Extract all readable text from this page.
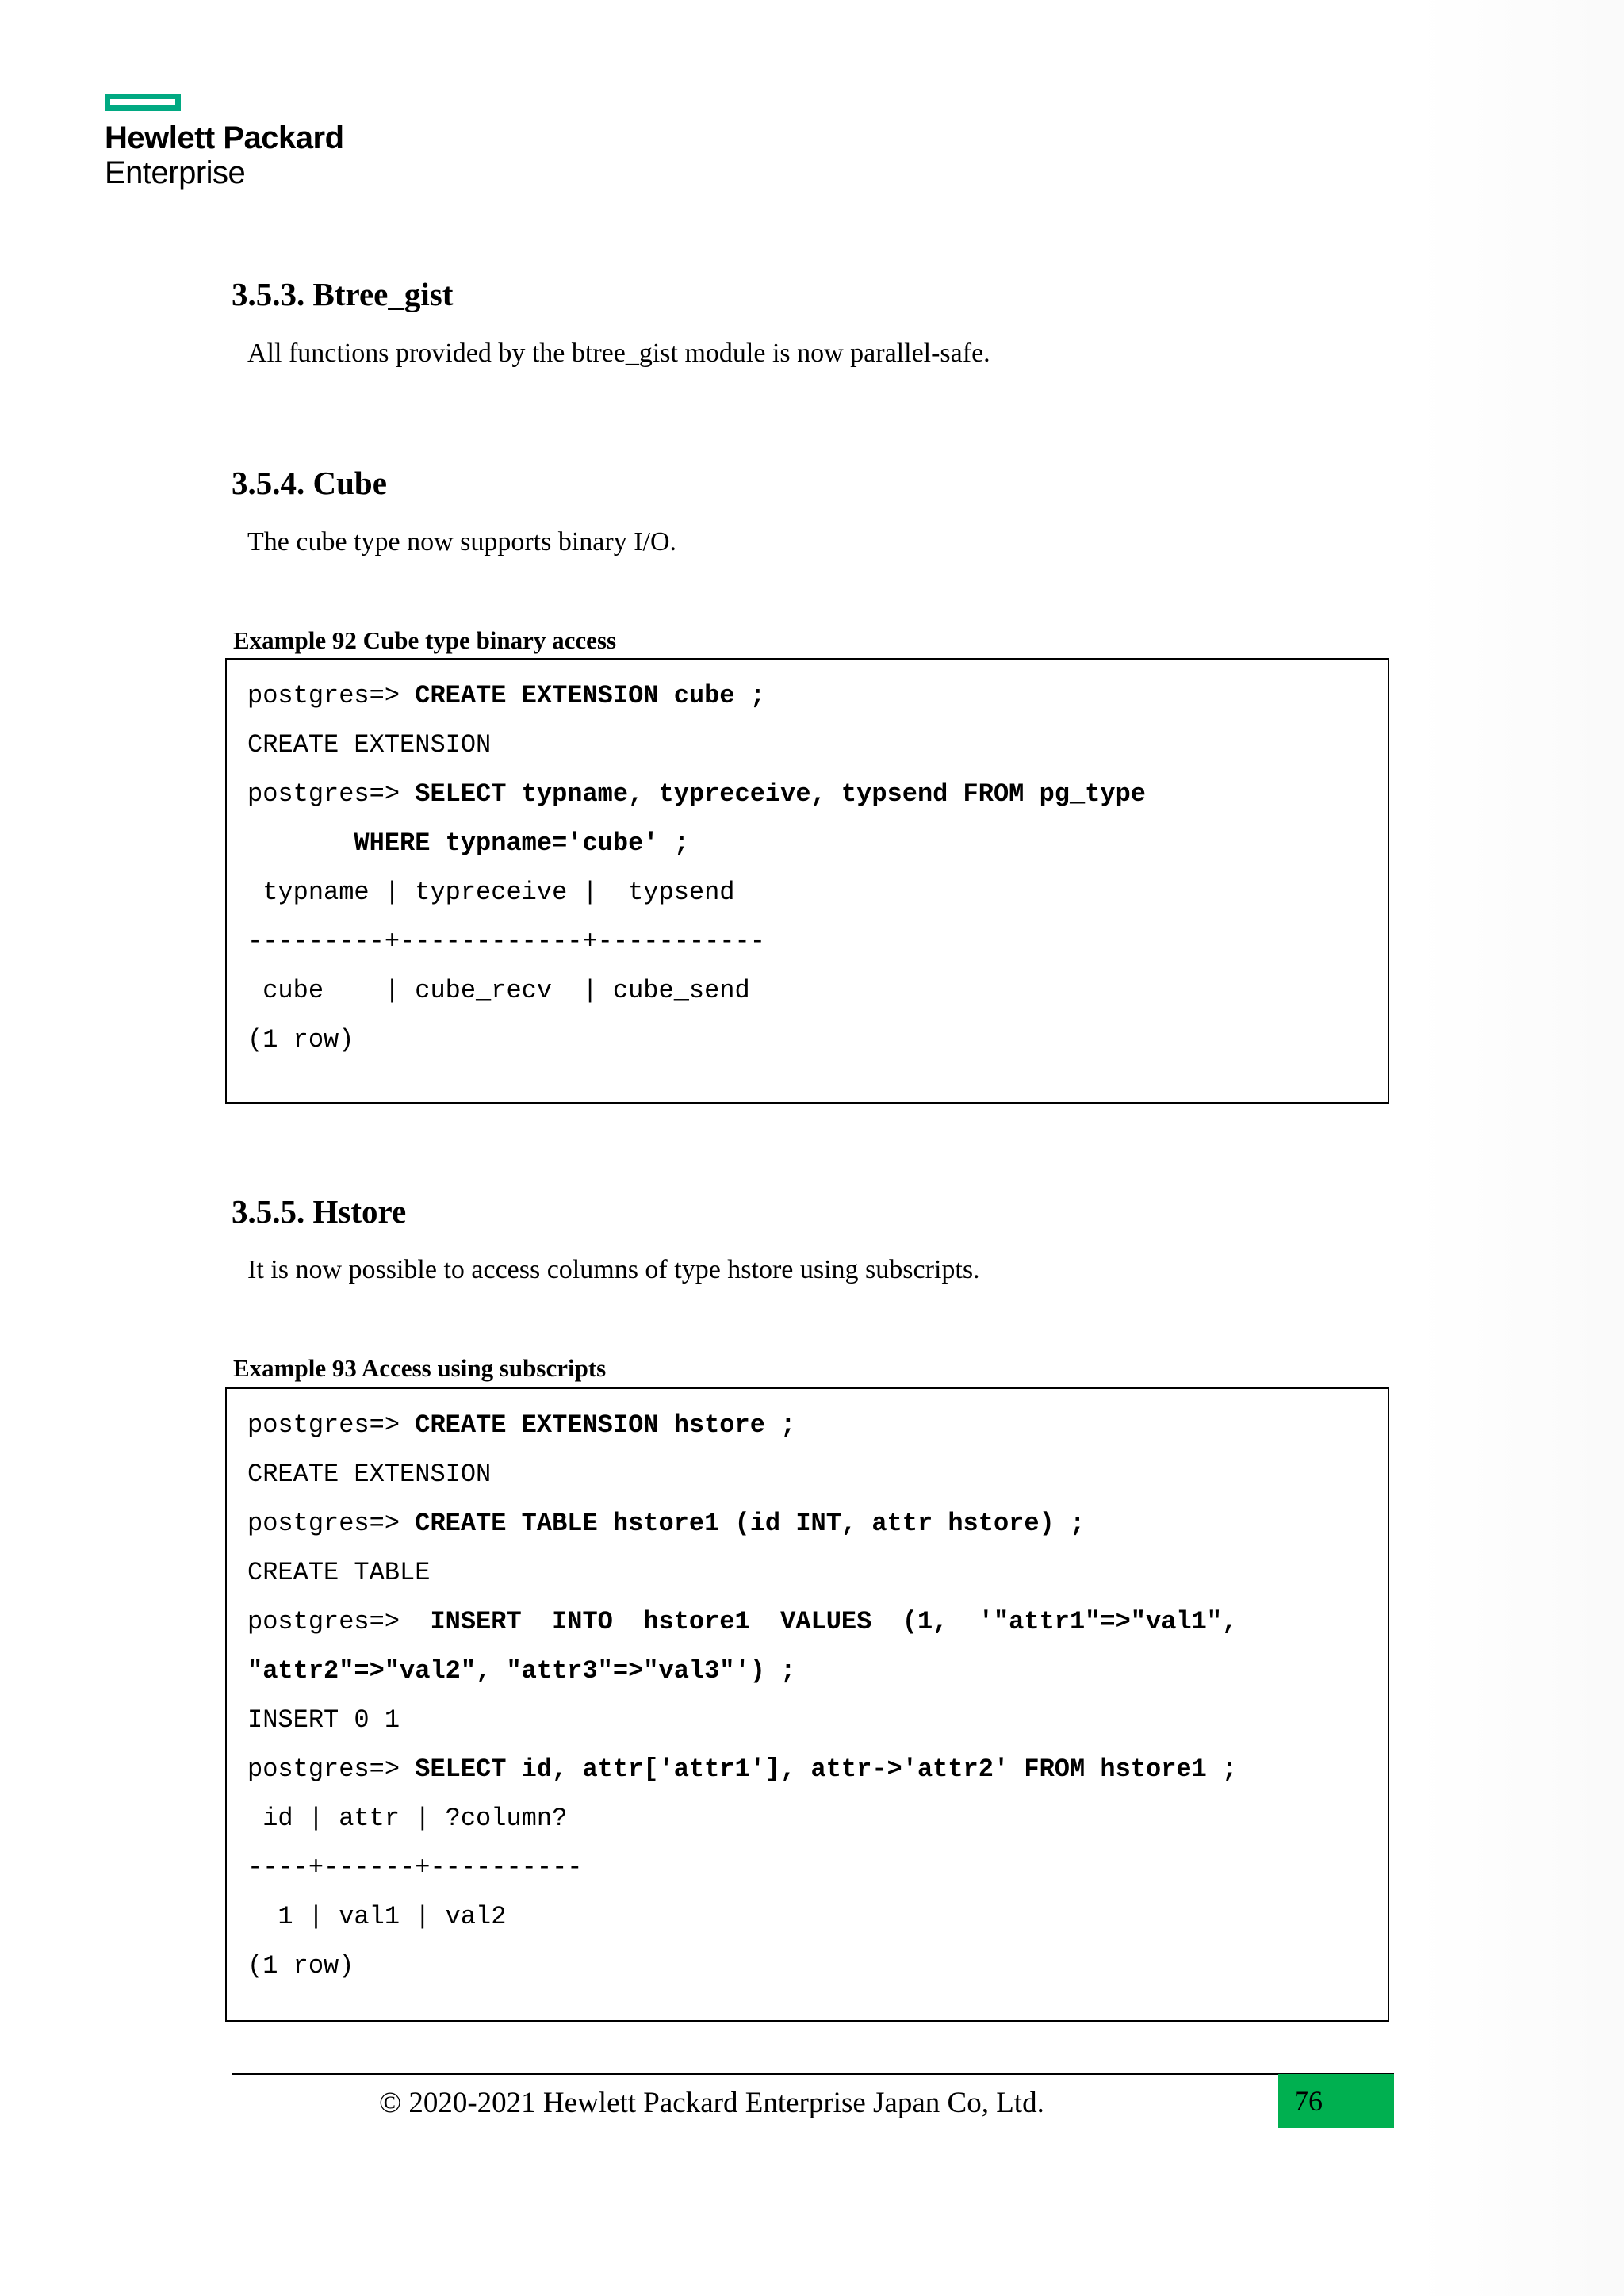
Hewlett Packard
Enterprise
3.5.3. Btree_gist

All functions provided by the btree_gist module is now parallel-safe.

3.5.4. Cube

The cube type now supports binary I/O.

Example 92 Cube type binary access

postgres=> CREATE EXTENSION cube ;
CREATE EXTENSION
postgres=> SELECT typname, typreceive, typsend FROM pg_type
WHERE typname='cube' ;
typname | typreceive |  typsend
---------+------------+-----------
cube    | cube_recv  | cube_send
(1 row)
3.5.5. Hstore

It is now possible to access columns of type hstore using subscripts.

Example 93 Access using subscripts

postgres=> CREATE EXTENSION hstore ;
CREATE EXTENSION
postgres=> CREATE TABLE hstore1 (id INT, attr hstore) ;
CREATE TABLE
postgres=>  INSERT  INTO  hstore1  VALUES  (1,  '"attr1"=>"val1",
"attr2"=>"val2", "attr3"=>"val3"') ;
INSERT 0 1
postgres=> SELECT id, attr['attr1'], attr->'attr2' FROM hstore1 ;
id | attr | ?column?
----+------+----------
1 | val1 | val2
(1 row)
© 2020-2021 Hewlett Packard Enterprise Japan Co, Ltd.	76
